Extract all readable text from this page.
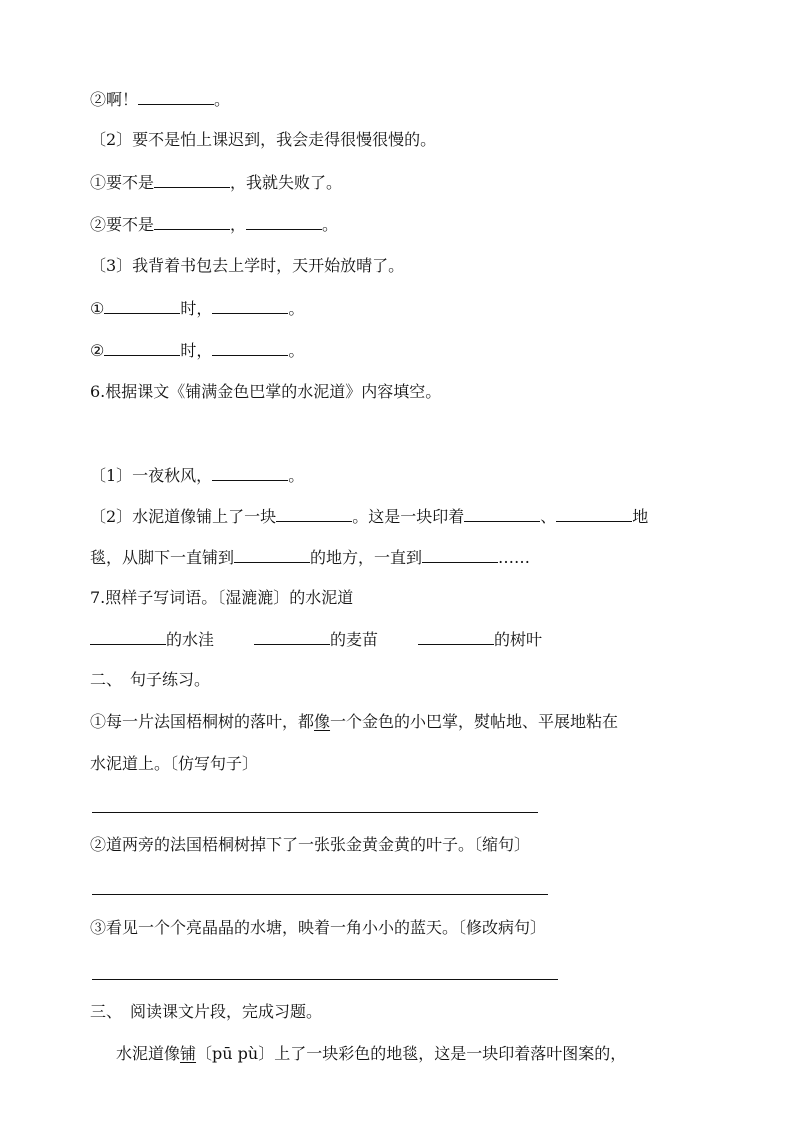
②啊！	。
〔2〕要不是怕上课迟到，我会走得很慢很慢的。
①要不是	，我就失败了。
②要不是	，	。
〔3〕我背着书包去上学时，天开始放晴了。
①	时，	。
②	时，	。
6.根据课文《铺满金色巴掌的水泥道》内容填空。
〔1〕一夜秋风，	。
〔2〕水泥道像铺上了一块	。这是一块印着	、	地
毯，从脚下一直铺到	的地方，一直到	……
7.照样子写词语。〔湿漉漉〕的水泥道
的水洼	的麦苗	的树叶
二、　句子练习。
①每一片法国梧桐树的落叶，都像一个金色的小巴掌，熨帖地、平展地粘在
水泥道上。〔仿写句子〕
②道两旁的法国梧桐树掉下了一张张金黄金黄的叶子。〔缩句〕
③看见一个个亮晶晶的水塘，映着一角小小的蓝天。〔修改病句〕
三、　阅读课文片段，完成习题。
水泥道像铺〔pū pù〕上了一块彩色的地毯，这是一块印着落叶图案的，
